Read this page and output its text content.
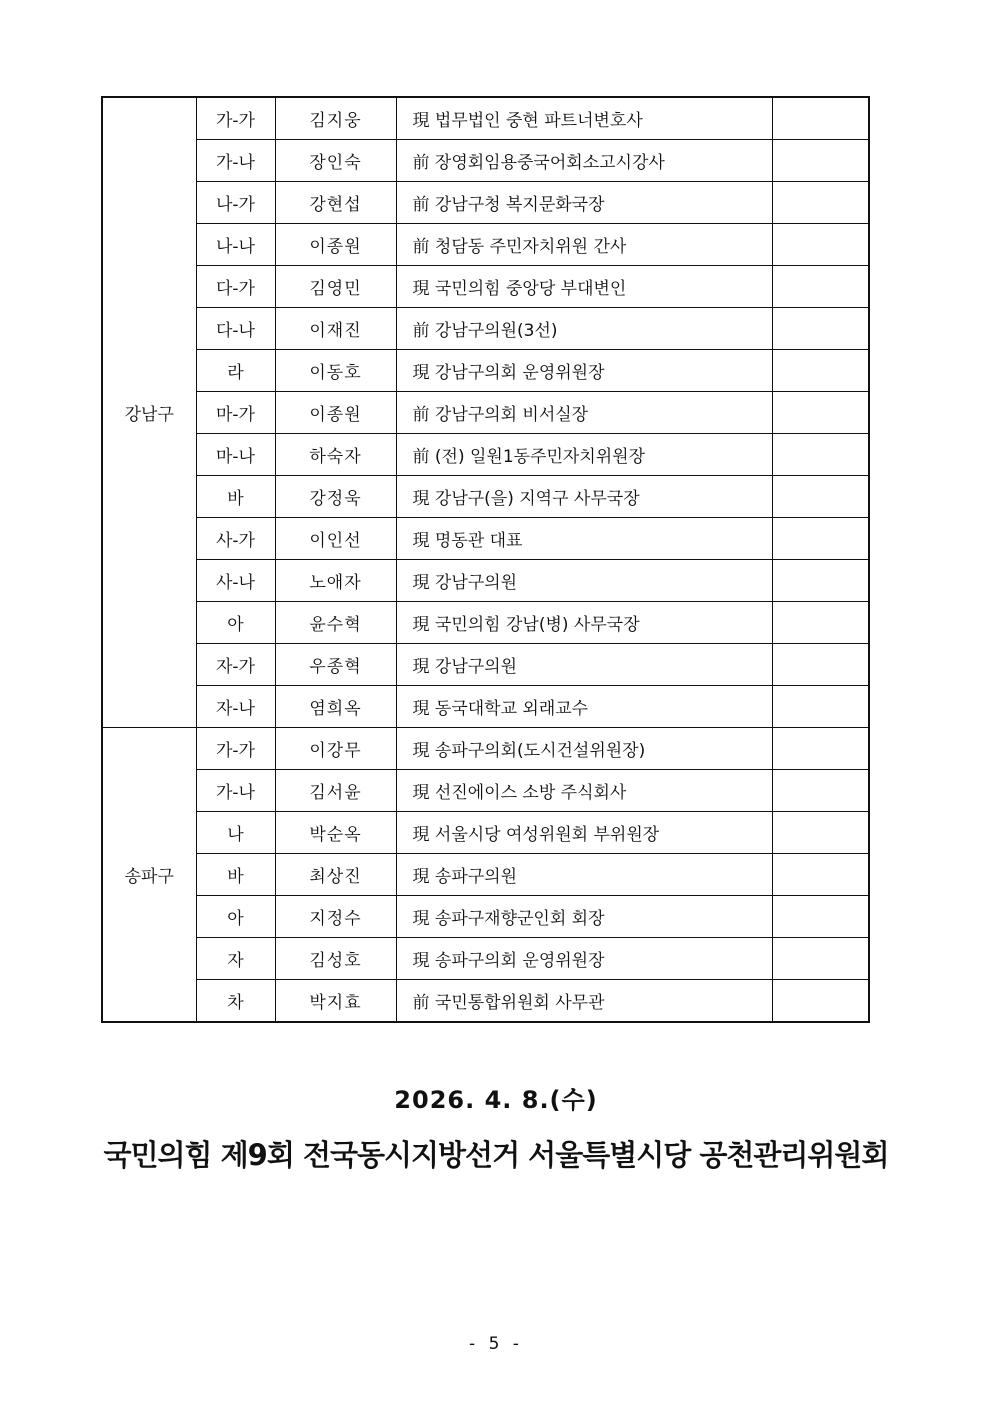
강남구	가-가	김지웅	現 법무법인 중현 파트너변호사	
	가-나	장인숙	前 장영회임용중국어회소고시강사	
	나-가	강현섭	前 강남구청 복지문화국장	
	나-나	이종원	前 청담동 주민자치위원 간사	
	다-가	김영민	現 국민의힘 중앙당 부대변인	
	다-나	이재진	前 강남구의원(3선)	
	라	이동호	現 강남구의회 운영위원장	
	마-가	이종원	前 강남구의회 비서실장	
	마-나	하숙자	前 (전) 일원1동주민자치위원장	
	바	강정욱	現 강남구(을) 지역구 사무국장	
	사-가	이인선	現 명동관 대표	
	사-나	노애자	現 강남구의원	
	아	윤수혁	現 국민의힘 강남(병) 사무국장	
	자-가	우종혁	現 강남구의원	
	자-나	염희옥	現 동국대학교 외래교수	
송파구	가-가	이강무	現 송파구의회(도시건설위원장)	
	가-나	김서윤	現 선진에이스 소방 주식회사	
	나	박순옥	現 서울시당 여성위원회 부위원장	
	바	최상진	現 송파구의원	
	아	지정수	現 송파구재향군인회 회장	
	자	김성호	現 송파구의회 운영위원장	
	차	박지효	前 국민통합위원회 사무관	
2026. 4. 8.(수)
국민의힘 제9회 전국동시지방선거 서울특별시당 공천관리위원회
- 5 -
